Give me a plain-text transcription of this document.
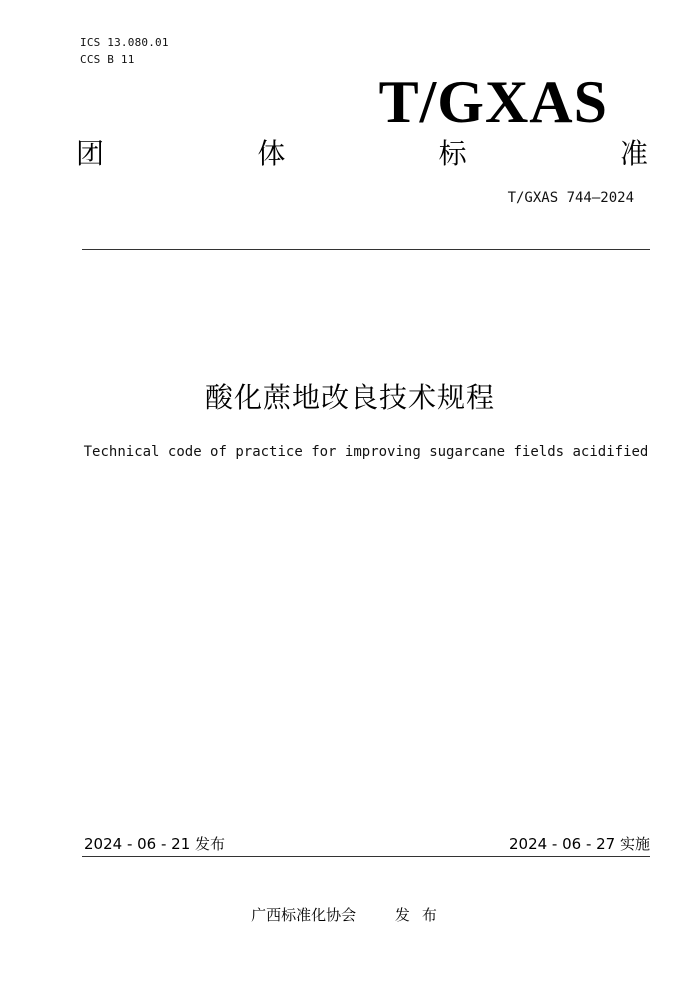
ICS 13.080.01
CCS B 11
T/GXAS
团	体	标	准
T/GXAS 744—2024
酸化蔗地改良技术规程
Technical code of practice for improving sugarcane fields acidified
2024 - 06 - 21 发布	2024 - 06 - 27 实施
广西标准化协会	发布
